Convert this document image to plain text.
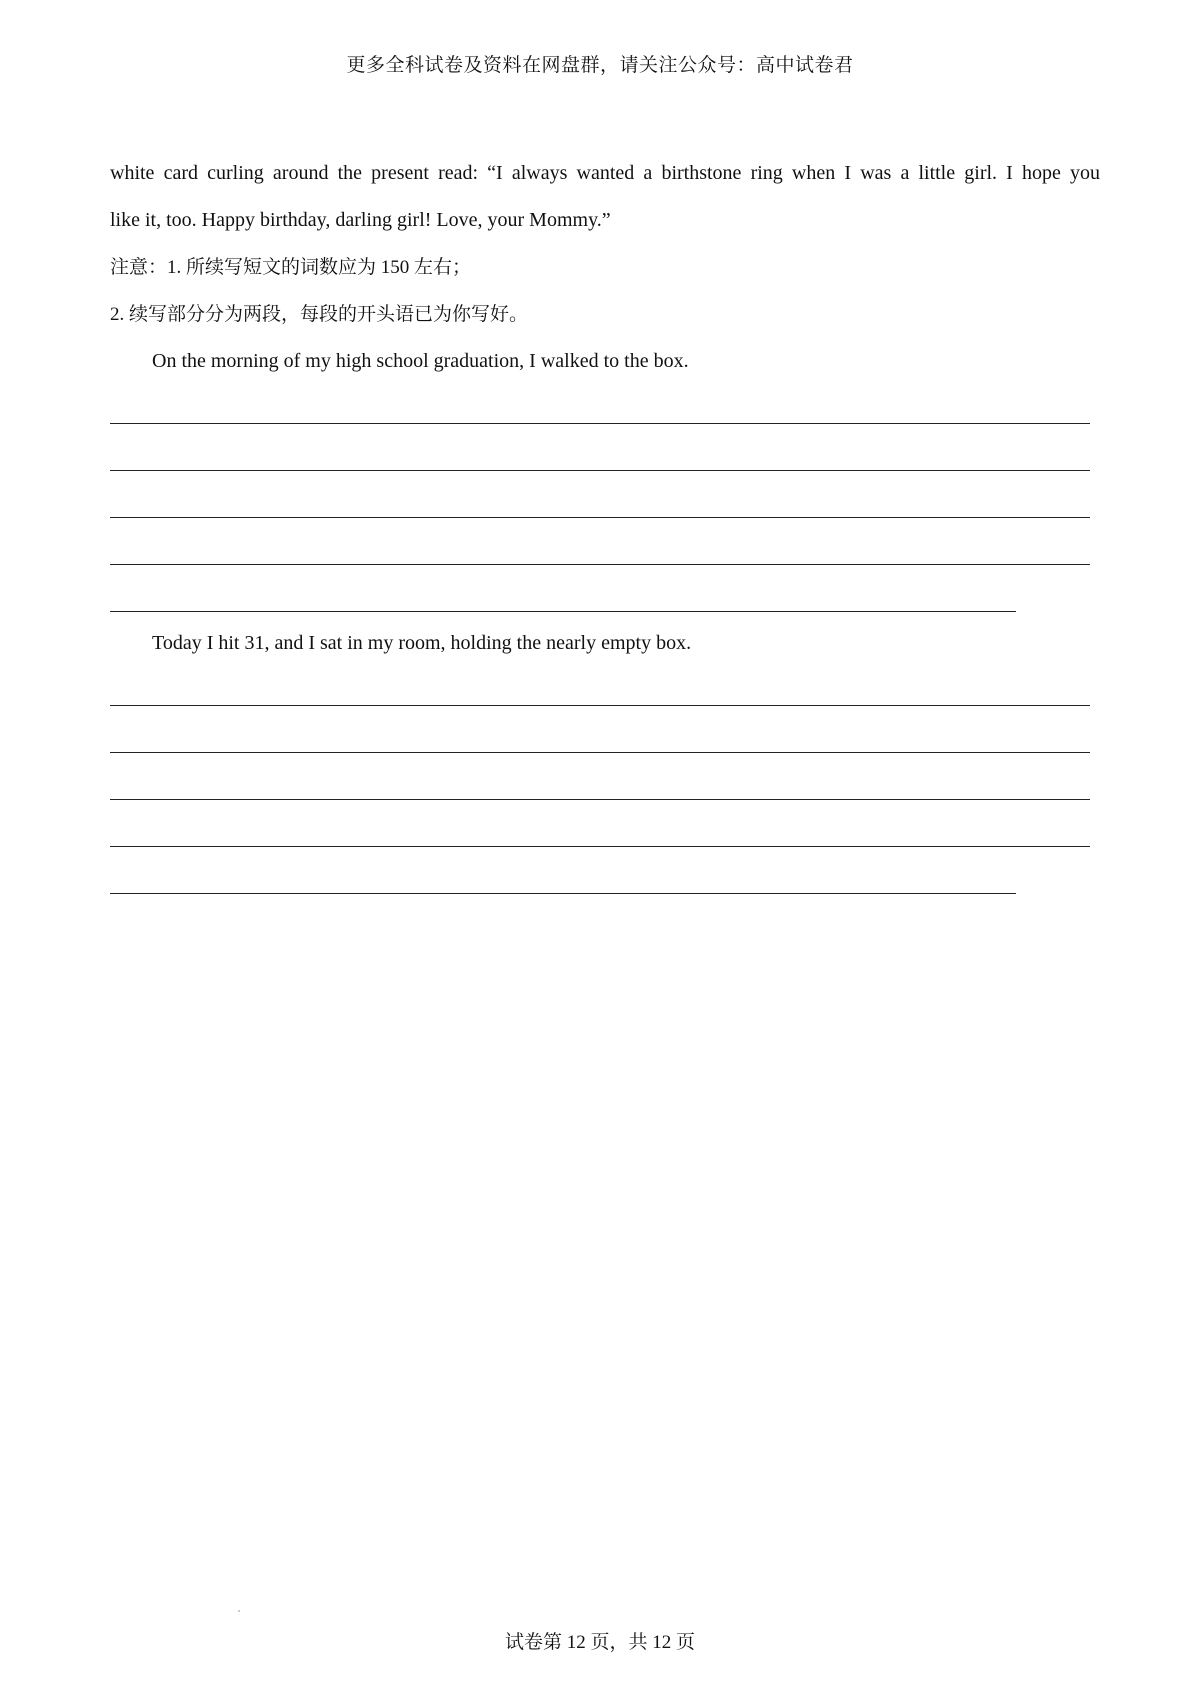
更多全科试卷及资料在网盘群，请关注公众号：高中试卷君

white card curling around the present read: “I always wanted a birthstone ring when I was a little girl. I hope you

like it, too. Happy birthday, darling girl! Love, your Mommy.”

注意：1. 所续写短文的词数应为 150 左右；

2. 续写部分分为两段，每段的开头语已为你写好。

On the morning of my high school graduation, I walked to the box.

Today I hit 31, and I sat in my room, holding the nearly empty box.

试卷第 12 页，共 12 页
